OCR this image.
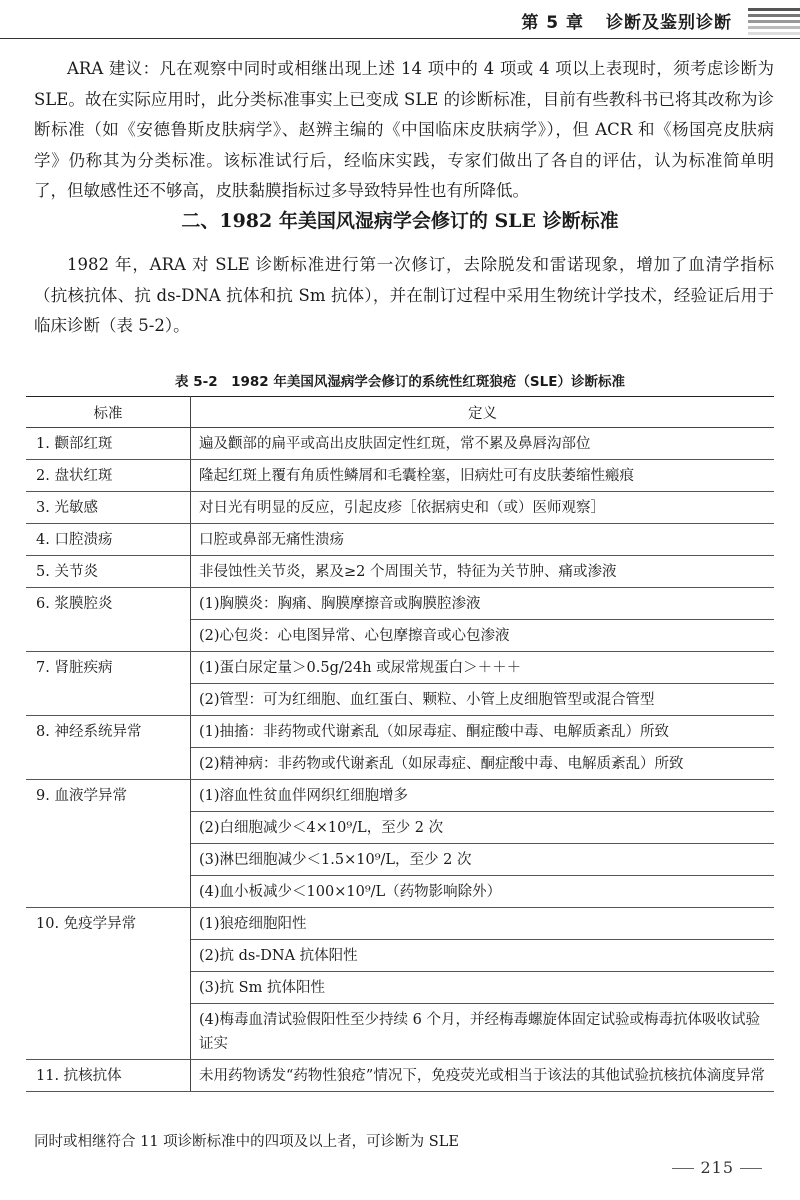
第 5 章 诊断及鉴别诊断

ARA 建议：凡在观察中同时或相继出现上述 14 项中的 4 项或 4 项以上表现时，须考虑诊断为 SLE。故在实际应用时，此分类标准事实上已变成 SLE 的诊断标准，目前有些教科书已将其改称为诊断标准（如《安德鲁斯皮肤病学》、赵辨主编的《中国临床皮肤病学》），但 ACR 和《杨国亮皮肤病学》仍称其为分类标准。该标准试行后，经临床实践，专家们做出了各自的评估，认为标准简单明了，但敏感性还不够高，皮肤黏膜指标过多导致特异性也有所降低。

二、1982 年美国风湿病学会修订的 SLE 诊断标准

1982 年，ARA 对 SLE 诊断标准进行第一次修订，去除脱发和雷诺现象，增加了血清学指标（抗核抗体、抗 ds-DNA 抗体和抗 Sm 抗体），并在制订过程中采用生物统计学技术，经验证后用于临床诊断（表 5-2）。

表 5-2　1982 年美国风湿病学会修订的系统性红斑狼疮（SLE）诊断标准
标准	定义
1. 颧部红斑	遍及颧部的扁平或高出皮肤固定性红斑，常不累及鼻唇沟部位

2. 盘状红斑	隆起红斑上覆有角质性鳞屑和毛囊栓塞，旧病灶可有皮肤萎缩性瘢痕

3. 光敏感	对日光有明显的反应，引起皮疹［依据病史和（或）医师观察］

4. 口腔溃疡	口腔或鼻部无痛性溃疡

5. 关节炎	非侵蚀性关节炎，累及≥2 个周围关节，特征为关节肿、痛或渗液

6. 浆膜腔炎	(1)胸膜炎：胸痛、胸膜摩擦音或胸膜腔渗液
(2)心包炎：心电图异常、心包摩擦音或心包渗液

7. 肾脏疾病	(1)蛋白尿定量＞0.5g/24h 或尿常规蛋白＞＋＋＋
(2)管型：可为红细胞、血红蛋白、颗粒、小管上皮细胞管型或混合管型

8. 神经系统异常	(1)抽搐：非药物或代谢紊乱（如尿毒症、酮症酸中毒、电解质紊乱）所致
(2)精神病：非药物或代谢紊乱（如尿毒症、酮症酸中毒、电解质紊乱）所致

9. 血液学异常	(1)溶血性贫血伴网织红细胞增多
(2)白细胞减少＜4×10⁹/L，至少 2 次
(3)淋巴细胞减少＜1.5×10⁹/L，至少 2 次
(4)血小板减少＜100×10⁹/L（药物影响除外）

10. 免疫学异常	(1)狼疮细胞阳性
(2)抗 ds-DNA 抗体阳性
(3)抗 Sm 抗体阳性
(4)梅毒血清试验假阳性至少持续 6 个月，并经梅毒螺旋体固定试验或梅毒抗体吸收试验证实

11. 抗核抗体	未用药物诱发“药物性狼疮”情况下，免疫荧光或相当于该法的其他试验抗核抗体滴度异常
同时或相继符合 11 项诊断标准中的四项及以上者，可诊断为 SLE
215
